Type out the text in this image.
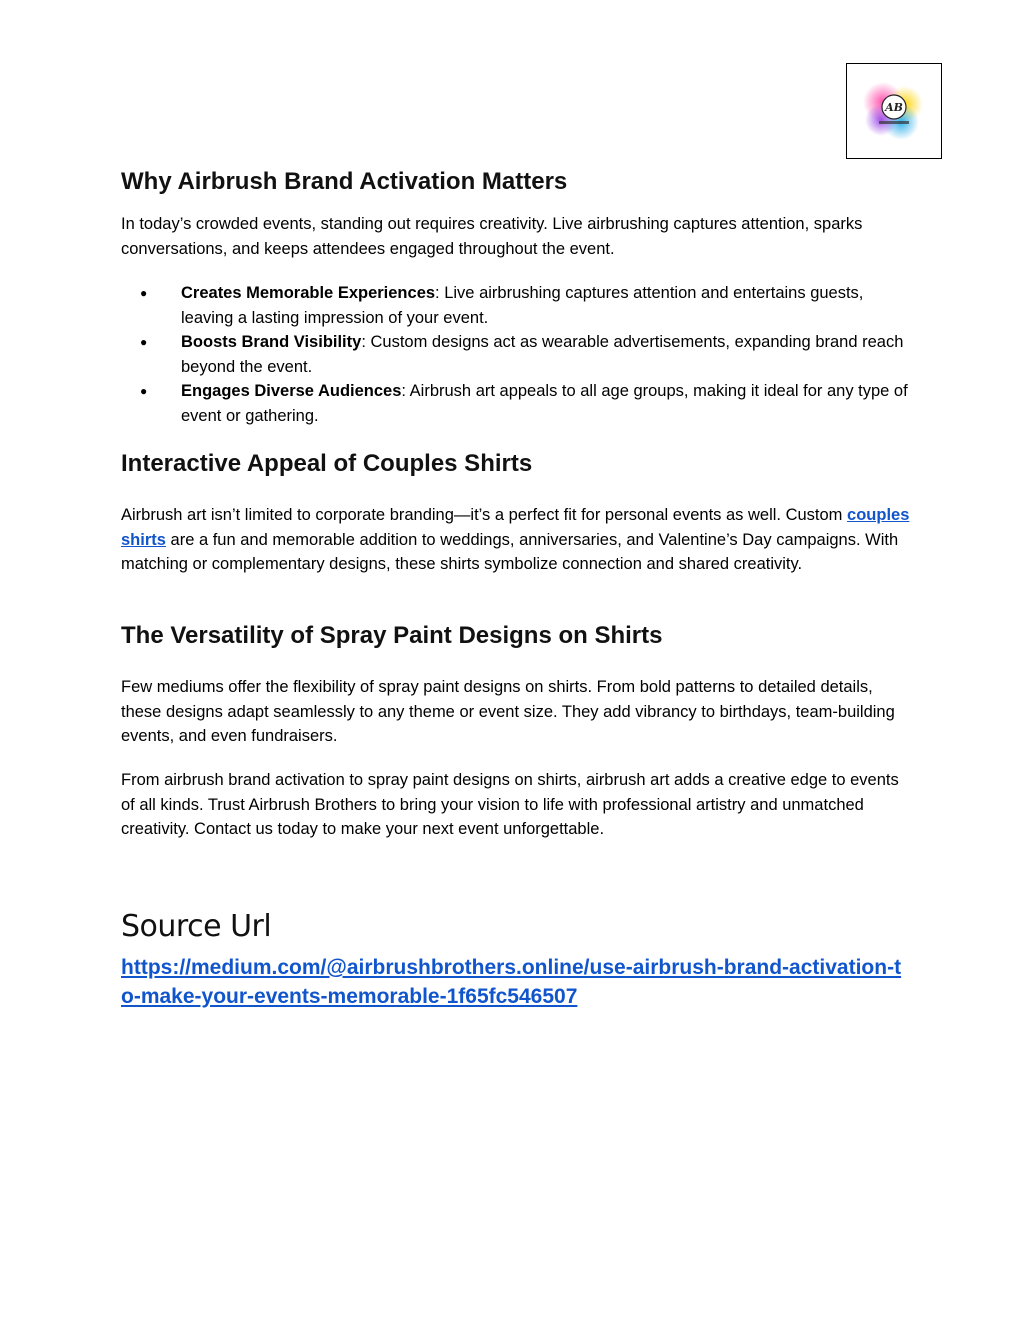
AB
Why Airbrush Brand Activation Matters

In today’s crowded events, standing out requires creativity. Live airbrushing captures attention, sparks conversations, and keeps attendees engaged throughout the event.

● Creates Memorable Experiences: Live airbrushing captures attention and entertains guests, leaving a lasting impression of your event.
● Boosts Brand Visibility: Custom designs act as wearable advertisements, expanding brand reach beyond the event.
● Engages Diverse Audiences: Airbrush art appeals to all age groups, making it ideal for any type of event or gathering.
Interactive Appeal of Couples Shirts

Airbrush art isn’t limited to corporate branding—it’s a perfect fit for personal events as well. Custom couples shirts are a fun and memorable addition to weddings, anniversaries, and Valentine’s Day campaigns. With matching or complementary designs, these shirts symbolize connection and shared creativity.

The Versatility of Spray Paint Designs on Shirts

Few mediums offer the flexibility of spray paint designs on shirts. From bold patterns to detailed details, these designs adapt seamlessly to any theme or event size. They add vibrancy to birthdays, team-building events, and even fundraisers.

From airbrush brand activation to spray paint designs on shirts, airbrush art adds a creative edge to events of all kinds. Trust Airbrush Brothers to bring your vision to life with professional artistry and unmatched creativity. Contact us today to make your next event unforgettable.

Source Url
https://medium.com/@airbrushbrothers.online/use-airbrush-brand-activation-to-make-your-events-memorable-1f65fc546507
